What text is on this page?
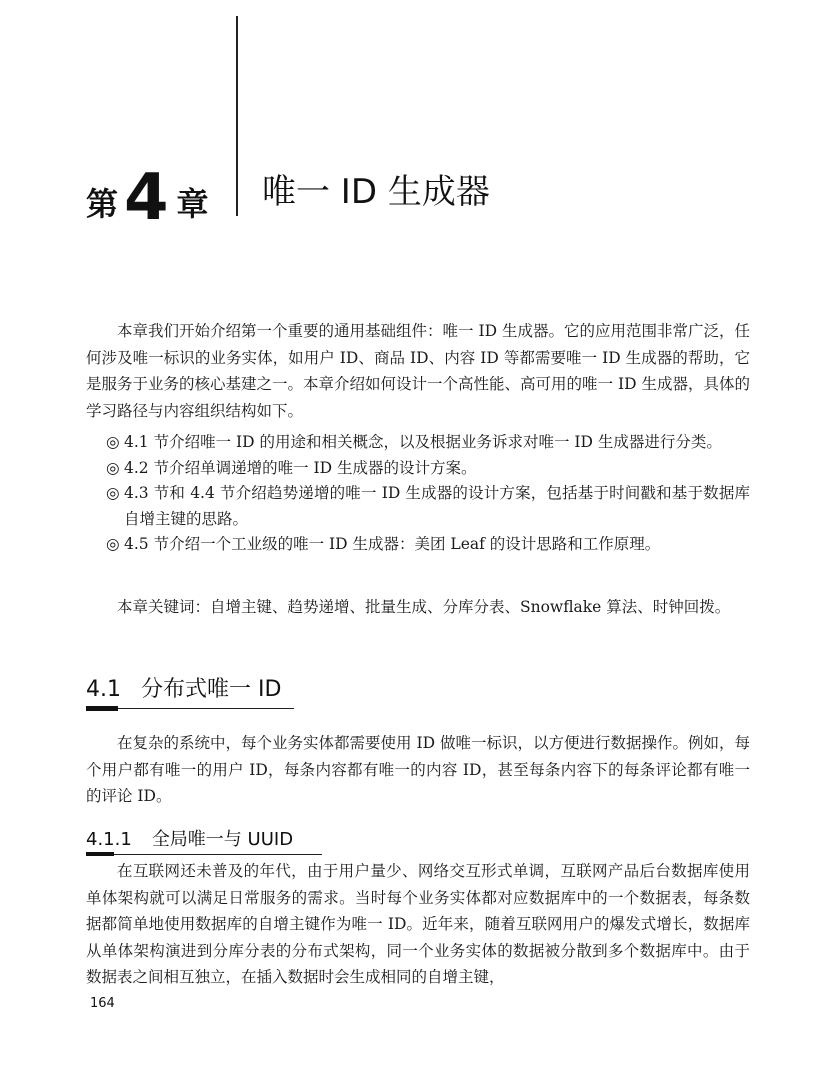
第 4 章 唯一 ID 生成器

本章我们开始介绍第一个重要的通用基础组件：唯一 ID 生成器。它的应用范围非常广泛，任何涉及唯一标识的业务实体，如用户 ID、商品 ID、内容 ID 等都需要唯一 ID 生成器的帮助，它是服务于业务的核心基建之一。本章介绍如何设计一个高性能、高可用的唯一 ID 生成器，具体的学习路径与内容组织结构如下。

◎ 4.1 节介绍唯一 ID 的用途和相关概念，以及根据业务诉求对唯一 ID 生成器进行分类。
◎ 4.2 节介绍单调递增的唯一 ID 生成器的设计方案。
◎ 4.3 节和 4.4 节介绍趋势递增的唯一 ID 生成器的设计方案，包括基于时间戳和基于数据库自增主键的思路。
◎ 4.5 节介绍一个工业级的唯一 ID 生成器：美团 Leaf 的设计思路和工作原理。

本章关键词：自增主键、趋势递增、批量生成、分库分表、Snowflake 算法、时钟回拨。

4.1 分布式唯一 ID

在复杂的系统中，每个业务实体都需要使用 ID 做唯一标识，以方便进行数据操作。例如，每个用户都有唯一的用户 ID，每条内容都有唯一的内容 ID，甚至每条内容下的每条评论都有唯一的评论 ID。

4.1.1 全局唯一与 UUID

在互联网还未普及的年代，由于用户量少、网络交互形式单调，互联网产品后台数据库使用单体架构就可以满足日常服务的需求。当时每个业务实体都对应数据库中的一个数据表，每条数据都简单地使用数据库的自增主键作为唯一 ID。近年来，随着互联网用户的爆发式增长，数据库从单体架构演进到分库分表的分布式架构，同一个业务实体的数据被分散到多个数据库中。由于数据表之间相互独立，在插入数据时会生成相同的自增主键，

164
